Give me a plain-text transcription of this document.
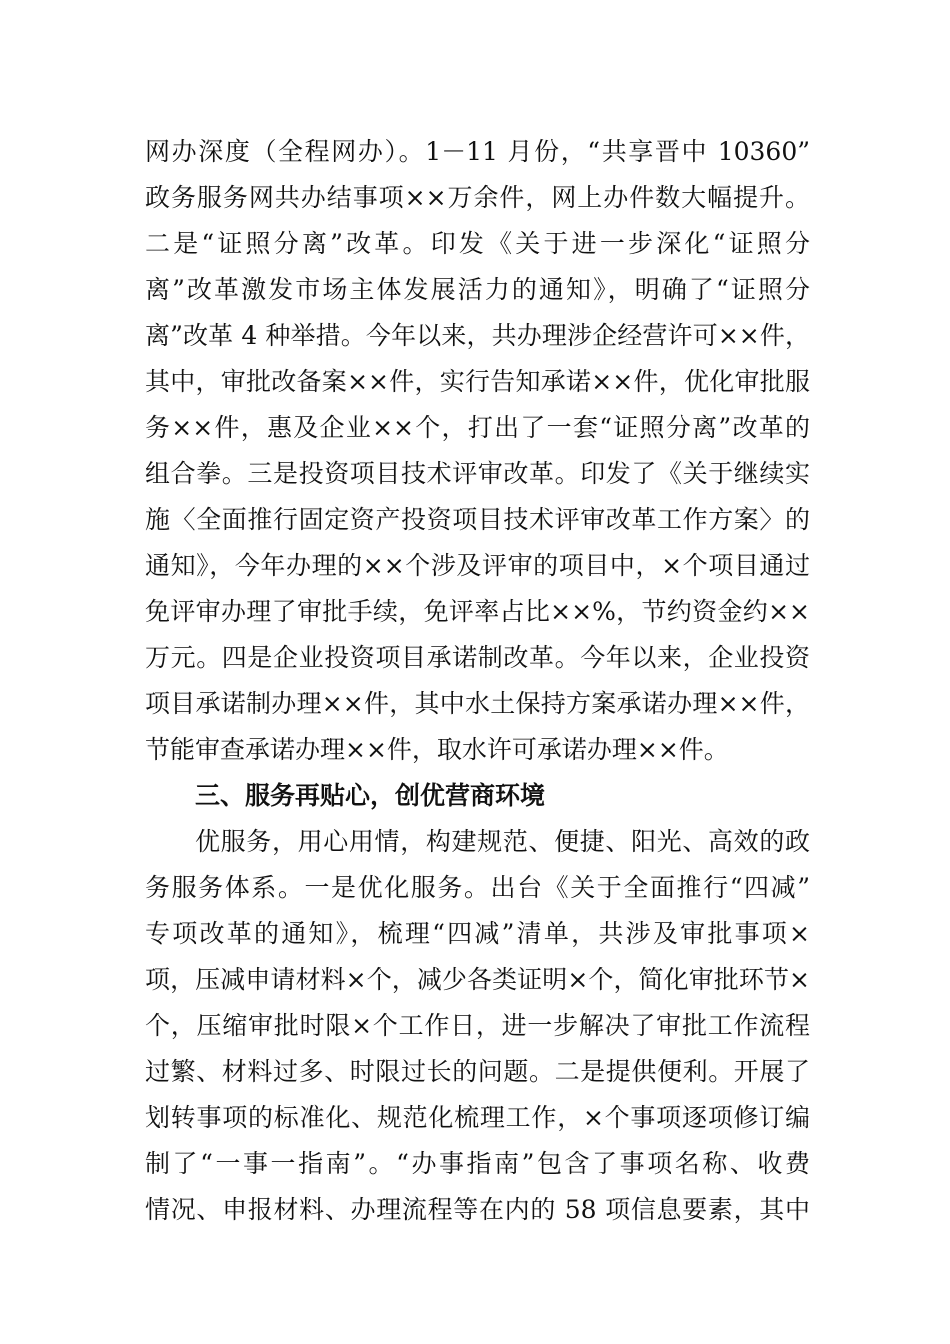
网办深度（全程网办）。1－11 月份，“共享晋中 10360”
政务服务网共办结事项××万余件，网上办件数大幅提升。
二是“证照分离”改革。印发《关于进一步深化“证照分
离”改革激发市场主体发展活力的通知》，明确了“证照分
离”改革 4 种举措。今年以来，共办理涉企经营许可××件，
其中，审批改备案××件，实行告知承诺××件，优化审批服
务××件，惠及企业××个，打出了一套“证照分离”改革的
组合拳。三是投资项目技术评审改革。印发了《关于继续实
施〈全面推行固定资产投资项目技术评审改革工作方案〉的
通知》，今年办理的××个涉及评审的项目中，×个项目通过
免评审办理了审批手续，免评率占比××%，节约资金约××
万元。四是企业投资项目承诺制改革。今年以来，企业投资
项目承诺制办理××件，其中水土保持方案承诺办理××件，
节能审查承诺办理××件，取水许可承诺办理××件。
三、服务再贴心，创优营商环境
优服务，用心用情，构建规范、便捷、阳光、高效的政
务服务体系。一是优化服务。出台《关于全面推行“四减”
专项改革的通知》，梳理“四减”清单，共涉及审批事项×
项，压减申请材料×个，减少各类证明×个，简化审批环节×
个，压缩审批时限×个工作日，进一步解决了审批工作流程
过繁、材料过多、时限过长的问题。二是提供便利。开展了
划转事项的标准化、规范化梳理工作，×个事项逐项修订编
制了“一事一指南”。“办事指南”包含了事项名称、收费
情况、申报材料、办理流程等在内的 58 项信息要素，其中
